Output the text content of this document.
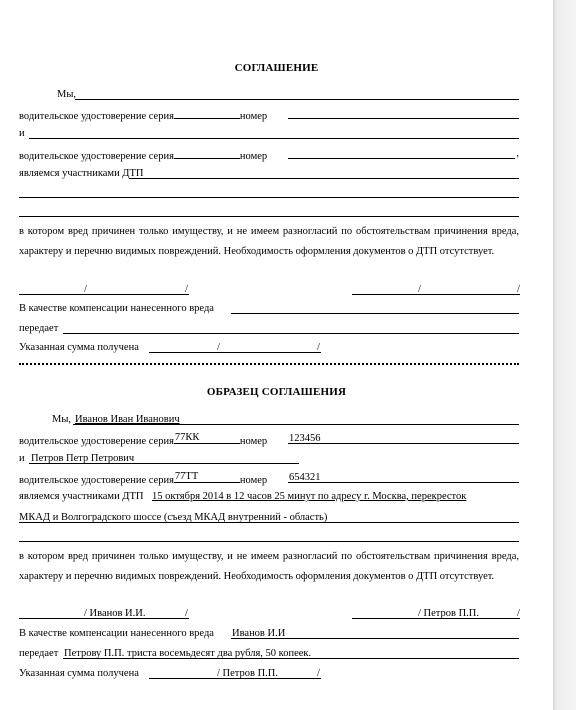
СОГЛАШЕНИЕ
Мы,
водительское удостоверение серия	номер
и
водительское удостоверение серия	номер	,
являемся участниками ДТП
в котором вред причинен только имуществу, и не имеем разногласий по обстоятельствам причинения вреда, характеру и перечню видимых повреждений. Необходимость оформления документов о ДТП отсутствует.
/	/	/	/
В качестве компенсации нанесенного вреда
передает
Указанная сумма получена	/	/
ОБРАЗЕЦ СОГЛАШЕНИЯ
Мы, Иванов Иван Иванович
водительское удостоверение серия 77КК	номер 123456
и Петров Петр Петрович
водительское удостоверение серия 77ТТ	номер 654321
являемся участниками ДТП 15 октября 2014 в 12 часов 25 минут по адресу г. Москва, перекресток
МКАД и Волгоградского шоссе (съезд МКАД внутренний - область)
в котором вред причинен только имуществу, и не имеем разногласий по обстоятельствам причинения вреда, характеру и перечню видимых повреждений. Необходимость оформления документов о ДТП отсутствует.
/ Иванов И.И.	/	/ Петров П.П.	/
В качестве компенсации нанесенного вреда Иванов И.И
передает Петрову П.П. триста восемьдесят два рубля, 50 копеек.
Указанная сумма получена	/ Петров П.П.	/
